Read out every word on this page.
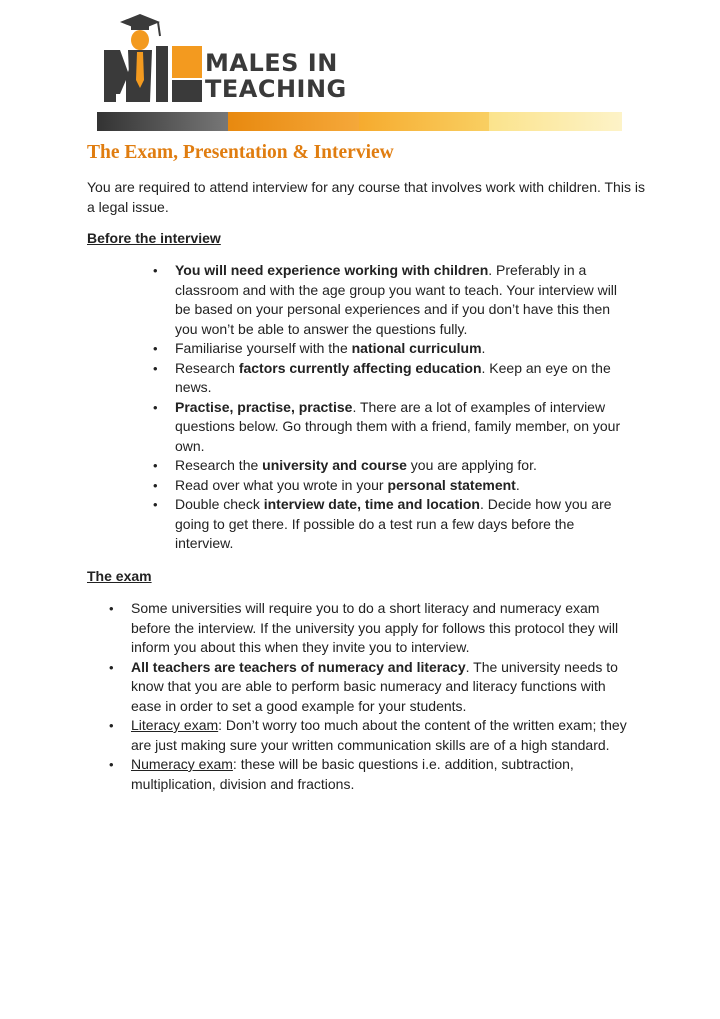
MALES IN
TEACHING
The Exam, Presentation & Interview

You are required to attend interview for any course that involves work with children. This is a legal issue.

Before the interview

• You will need experience working with children. Preferably in a classroom and with the age group you want to teach. Your interview will be based on your personal experiences and if you don’t have this then you won’t be able to answer the questions fully.
• Familiarise yourself with the national curriculum.
• Research factors currently affecting education. Keep an eye on the news.
• Practise, practise, practise. There are a lot of examples of interview questions below. Go through them with a friend, family member, on your own.
• Research the university and course you are applying for.
• Read over what you wrote in your personal statement.
• Double check interview date, time and location. Decide how you are going to get there. If possible do a test run a few days before the interview.

The exam

• Some universities will require you to do a short literacy and numeracy exam before the interview. If the university you apply for follows this protocol they will inform you about this when they invite you to interview.
• All teachers are teachers of numeracy and literacy. The university needs to know that you are able to perform basic numeracy and literacy functions with ease in order to set a good example for your students.
• Literacy exam: Don’t worry too much about the content of the written exam; they are just making sure your written communication skills are of a high standard.
• Numeracy exam: these will be basic questions i.e. addition, subtraction, multiplication, division and fractions.
